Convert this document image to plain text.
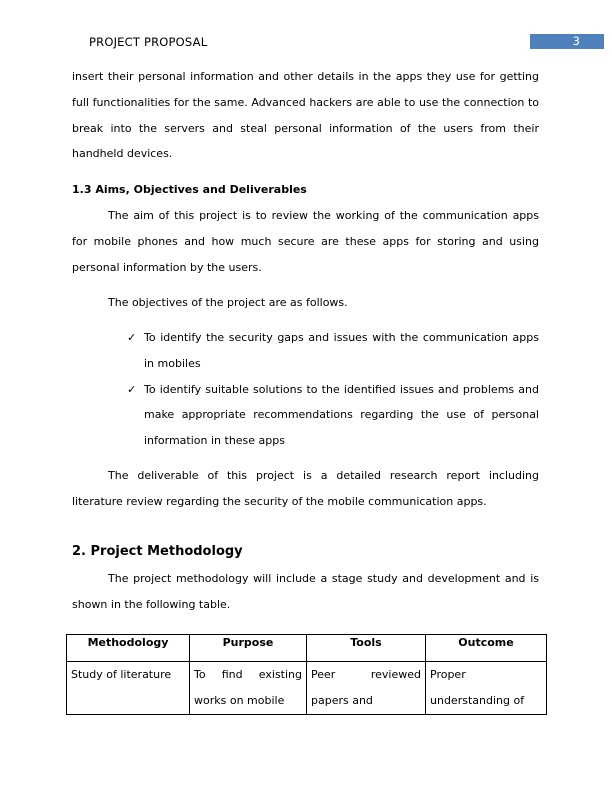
PROJECT PROPOSAL	3

insert their personal information and other details in the apps they use for getting full functionalities for the same. Advanced hackers are able to use the connection to break into the servers and steal personal information of the users from their handheld devices.

1.3 Aims, Objectives and Deliverables

The aim of this project is to review the working of the communication apps for mobile phones and how much secure are these apps for storing and using personal information by the users.

The objectives of the project are as follows.

✓ To identify the security gaps and issues with the communication apps in mobiles
✓ To identify suitable solutions to the identified issues and problems and make appropriate recommendations regarding the use of personal information in these apps

The deliverable of this project is a detailed research report including literature review regarding the security of the mobile communication apps.

2. Project Methodology

The project methodology will include a stage study and development and is shown in the following table.

Methodology	Purpose	Tools	Outcome
Study of literature	To find existing works on mobile	Peer reviewed papers and	Proper understanding of
